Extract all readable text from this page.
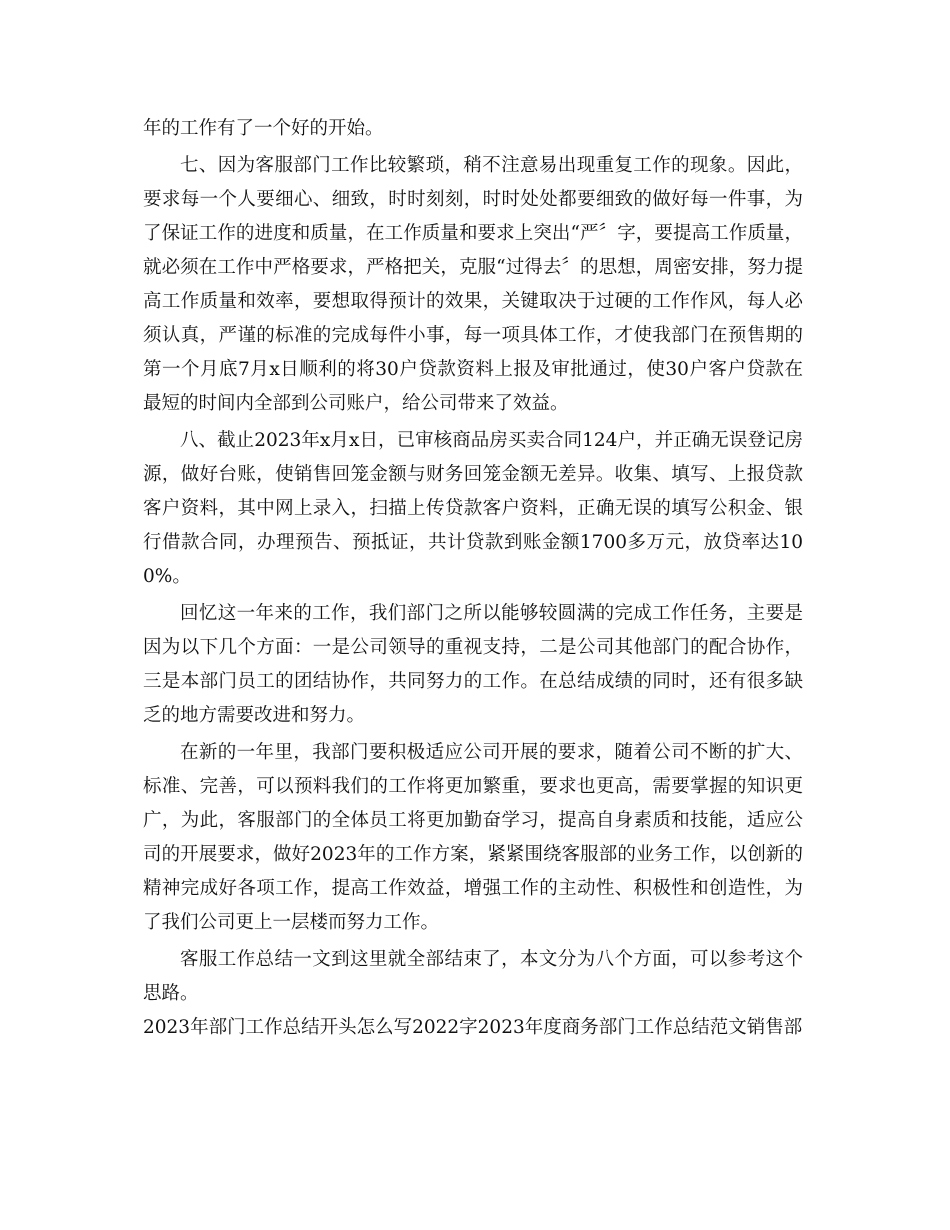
年的工作有了一个好的开始。

七、因为客服部门工作比较繁琐，稍不注意易出现重复工作的现象。因此，要求每一个人要细心、细致，时时刻刻，时时处处都要细致的做好每一件事，为了保证工作的进度和质量，在工作质量和要求上突出“严〞字，要提高工作质量，就必须在工作中严格要求，严格把关，克服“过得去〞的思想，周密安排，努力提高工作质量和效率，要想取得预计的效果，关键取决于过硬的工作作风，每人必须认真，严谨的标准的完成每件小事，每一项具体工作，才使我部门在预售期的第一个月底7月x日顺利的将30户贷款资料上报及审批通过，使30户客户贷款在最短的时间内全部到公司账户，给公司带来了效益。

八、截止2023年x月x日，已审核商品房买卖合同124户，并正确无误登记房源，做好台账，使销售回笼金额与财务回笼金额无差异。收集、填写、上报贷款客户资料，其中网上录入，扫描上传贷款客户资料，正确无误的填写公积金、银行借款合同，办理预告、预抵证，共计贷款到账金额1700多万元，放贷率达100%。

回忆这一年来的工作，我们部门之所以能够较圆满的完成工作任务，主要是因为以下几个方面：一是公司领导的重视支持，二是公司其他部门的配合协作，三是本部门员工的团结协作，共同努力的工作。在总结成绩的同时，还有很多缺乏的地方需要改进和努力。

在新的一年里，我部门要积极适应公司开展的要求，随着公司不断的扩大、标准、完善，可以预料我们的工作将更加繁重，要求也更高，需要掌握的知识更广，为此，客服部门的全体员工将更加勤奋学习，提高自身素质和技能，适应公司的开展要求，做好2023年的工作方案，紧紧围绕客服部的业务工作，以创新的精神完成好各项工作，提高工作效益，增强工作的主动性、积极性和创造性，为了我们公司更上一层楼而努力工作。

客服工作总结一文到这里就全部结束了，本文分为八个方面，可以参考这个思路。

2023年部门工作总结开头怎么写2022字2023年度商务部门工作总结范文销售部
